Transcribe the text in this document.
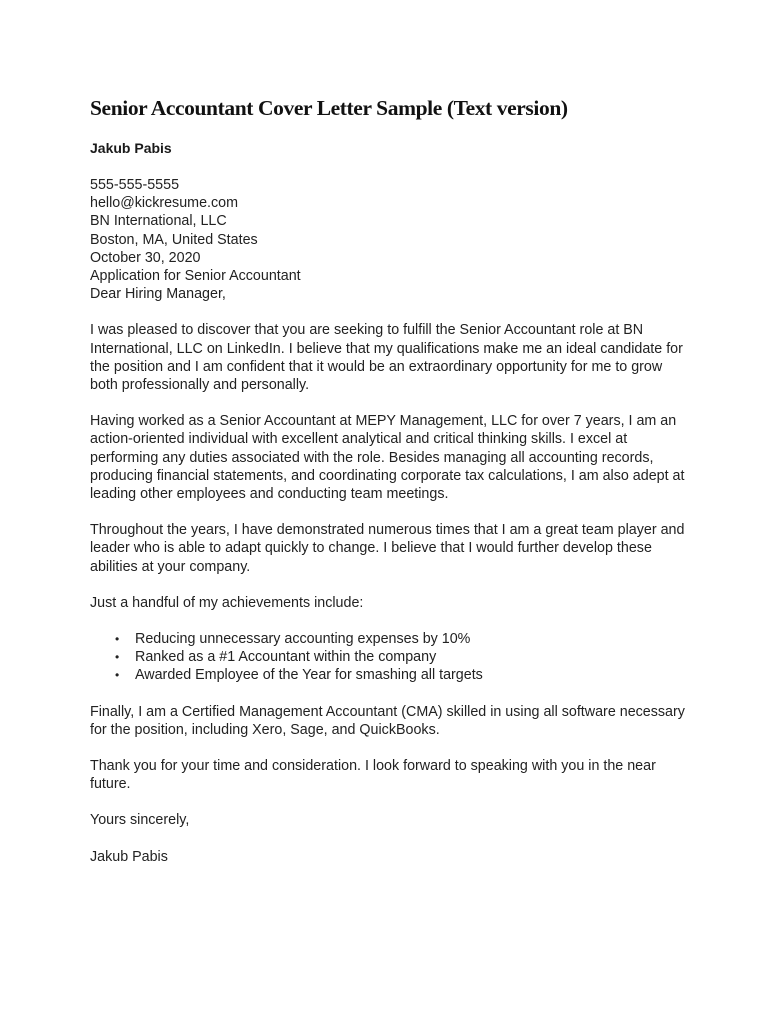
Senior Accountant Cover Letter Sample (Text version)
Jakub Pabis
555-555-5555
hello@kickresume.com
BN International, LLC
Boston, MA, United States
October 30, 2020
Application for Senior Accountant
Dear Hiring Manager,

I was pleased to discover that you are seeking to fulfill the Senior Accountant role at BN International, LLC on LinkedIn. I believe that my qualifications make me an ideal candidate for the position and I am confident that it would be an extraordinary opportunity for me to grow both professionally and personally.

Having worked as a Senior Accountant at MEPY Management, LLC for over 7 years, I am an action-oriented individual with excellent analytical and critical thinking skills. I excel at performing any duties associated with the role. Besides managing all accounting records, producing financial statements, and coordinating corporate tax calculations, I am also adept at leading other employees and conducting team meetings.

Throughout the years, I have demonstrated numerous times that I am a great team player and leader who is able to adapt quickly to change. I believe that I would further develop these abilities at your company.

Just a handful of my achievements include:

• Reducing unnecessary accounting expenses by 10%
• Ranked as a #1 Accountant within the company
• Awarded Employee of the Year for smashing all targets

Finally, I am a Certified Management Accountant (CMA) skilled in using all software necessary for the position, including Xero, Sage, and QuickBooks.

Thank you for your time and consideration. I look forward to speaking with you in the near future.

Yours sincerely,

Jakub Pabis
